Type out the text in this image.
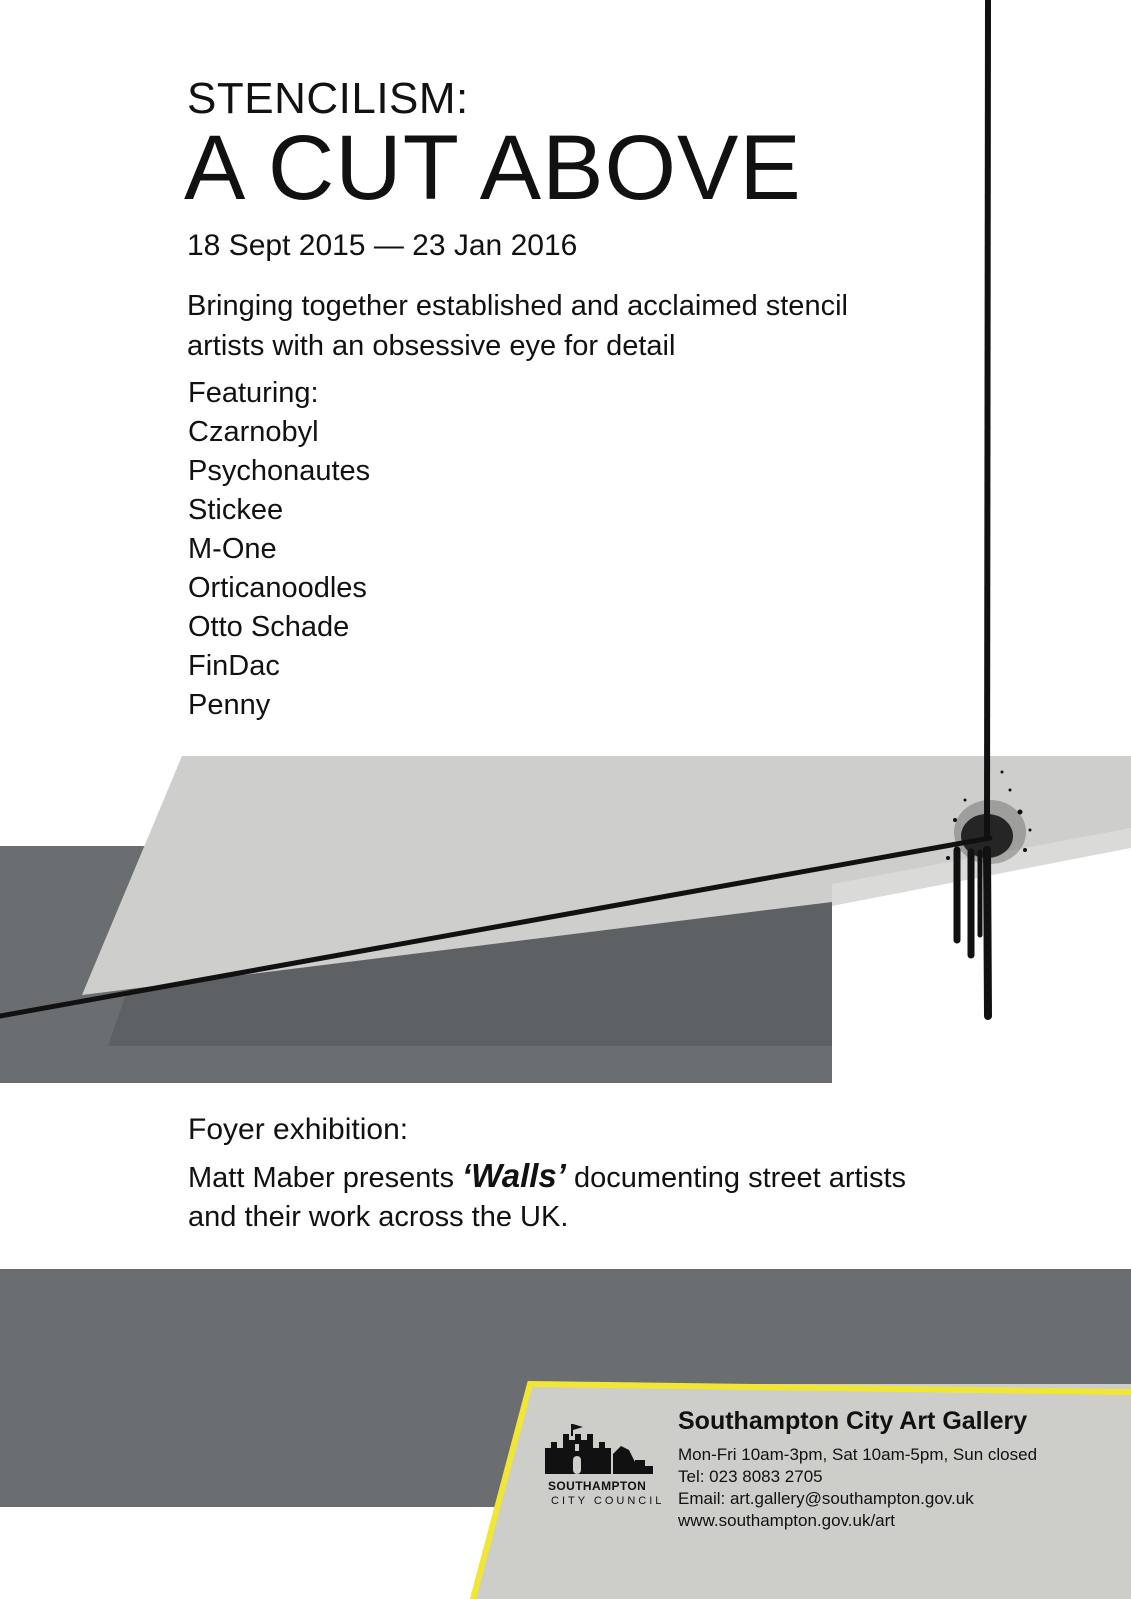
STENCILISM:
A CUT ABOVE

18 Sept 2015 — 23 Jan 2016

Bringing together established and acclaimed stencil artists with an obsessive eye for detail

Featuring:

Czarnobyl
Psychonautes
Stickee
M-One
Orticanoodles
Otto Schade
FinDac
Penny

Foyer exhibition:

Matt Maber presents ‘Walls’ documenting street artists and their work across the UK.

SOUTHAMPTON

CITY COUNCIL

Southampton City Art Gallery

Mon-Fri 10am-3pm, Sat 10am-5pm, Sun closed

Tel: 023 8083 2705

Email: art.gallery@southampton.gov.uk

www.southampton.gov.uk/art
